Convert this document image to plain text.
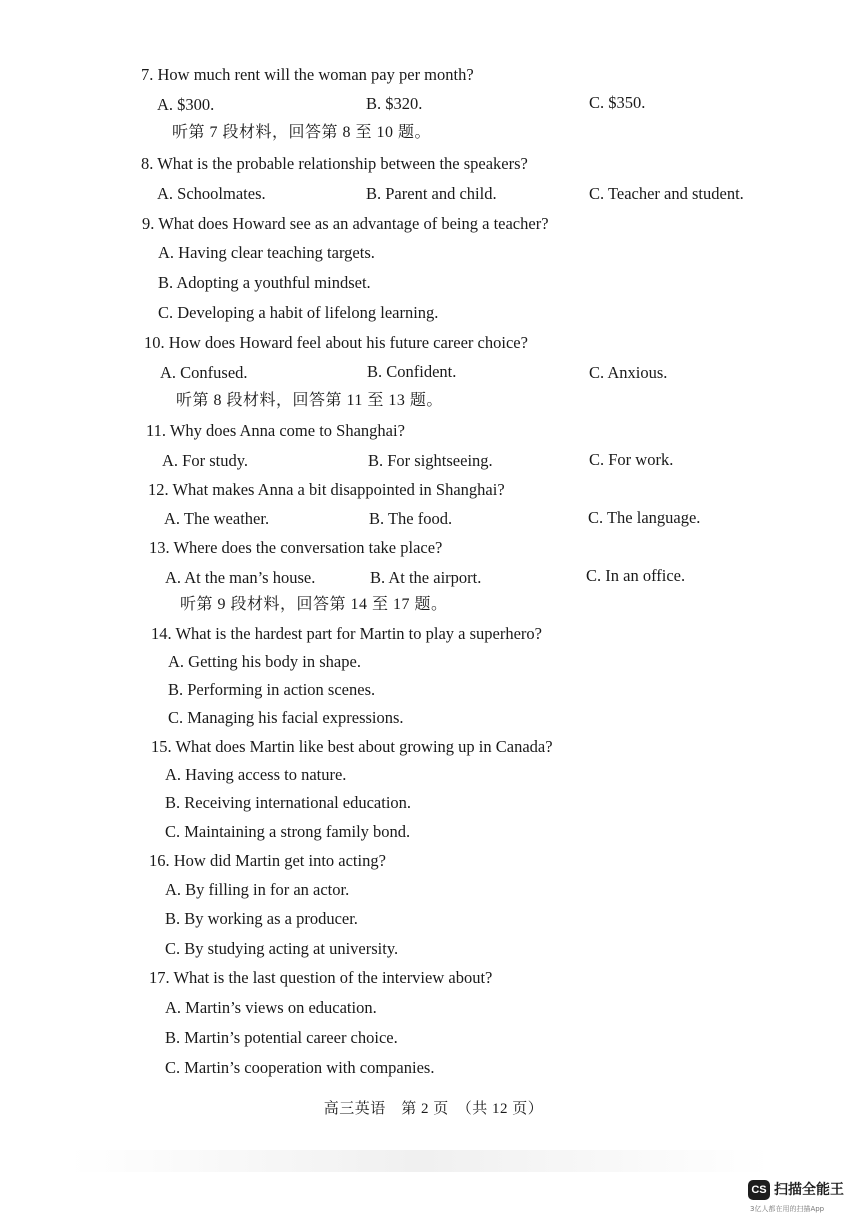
7. How much rent will the woman pay per month?
A. $300.	B. $320.	C. $350.
听第 7 段材料，回答第 8 至 10 题。
8. What is the probable relationship between the speakers?
A. Schoolmates.	B. Parent and child.	C. Teacher and student.
9. What does Howard see as an advantage of being a teacher?
A. Having clear teaching targets.
B. Adopting a youthful mindset.
C. Developing a habit of lifelong learning.
10. How does Howard feel about his future career choice?
A. Confused.	B. Confident.	C. Anxious.
听第 8 段材料，回答第 11 至 13 题。
11. Why does Anna come to Shanghai?
A. For study.	B. For sightseeing.	C. For work.
12. What makes Anna a bit disappointed in Shanghai?
A. The weather.	B. The food.	C. The language.
13. Where does the conversation take place?
A. At the man’s house.	B. At the airport.	C. In an office.
听第 9 段材料，回答第 14 至 17 题。
14. What is the hardest part for Martin to play a superhero?
A. Getting his body in shape.
B. Performing in action scenes.
C. Managing his facial expressions.
15. What does Martin like best about growing up in Canada?
A. Having access to nature.
B. Receiving international education.
C. Maintaining a strong family bond.
16. How did Martin get into acting?
A. By filling in for an actor.
B. By working as a producer.
C. By studying acting at university.
17. What is the last question of the interview about?
A. Martin’s views on education.
B. Martin’s potential career choice.
C. Martin’s cooperation with companies.
高三英语　第 2 页　（共 12 页）
CS 扫描全能王
3亿人都在用的扫描App
